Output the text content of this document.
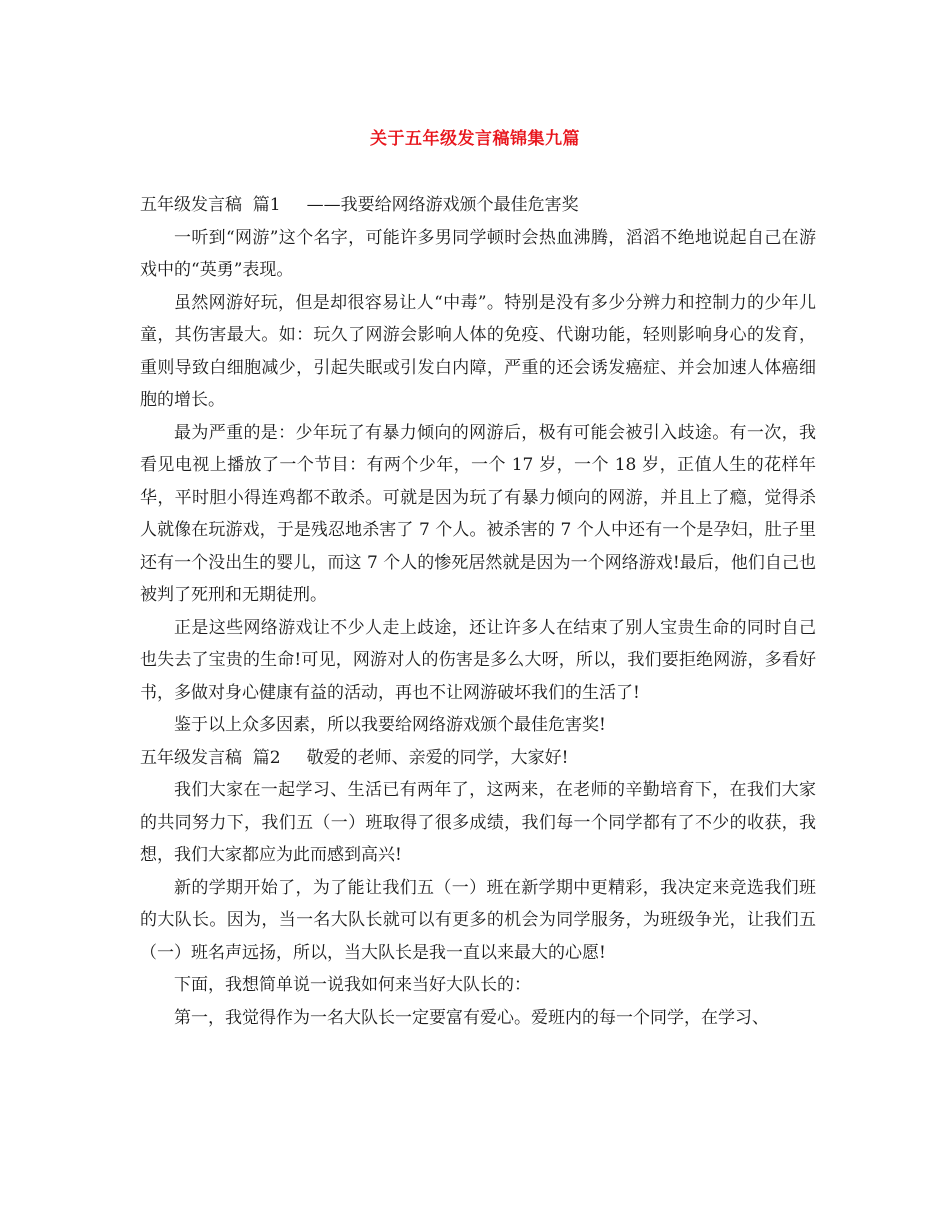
关于五年级发言稿锦集九篇

五年级发言稿  篇1 ——我要给网络游戏颁个最佳危害奖

一听到“网游”这个名字，可能许多男同学顿时会热血沸腾，滔滔不绝地说起自己在游戏中的“英勇”表现。

虽然网游好玩，但是却很容易让人“中毒”。特别是没有多少分辨力和控制力的少年儿童，其伤害最大。如：玩久了网游会影响人体的免疫、代谢功能，轻则影响身心的发育，重则导致白细胞减少，引起失眠或引发白内障，严重的还会诱发癌症、并会加速人体癌细胞的增长。

最为严重的是：少年玩了有暴力倾向的网游后，极有可能会被引入歧途。有一次，我看见电视上播放了一个节目：有两个少年，一个 17 岁，一个 18 岁，正值人生的花样年华，平时胆小得连鸡都不敢杀。可就是因为玩了有暴力倾向的网游，并且上了瘾，觉得杀人就像在玩游戏，于是残忍地杀害了 7 个人。被杀害的 7 个人中还有一个是孕妇，肚子里还有一个没出生的婴儿，而这 7 个人的惨死居然就是因为一个网络游戏!最后，他们自己也被判了死刑和无期徒刑。

正是这些网络游戏让不少人走上歧途，还让许多人在结束了别人宝贵生命的同时自己也失去了宝贵的生命!可见，网游对人的伤害是多么大呀，所以，我们要拒绝网游，多看好书，多做对身心健康有益的活动，再也不让网游破坏我们的生活了!

鉴于以上众多因素，所以我要给网络游戏颁个最佳危害奖!

五年级发言稿  篇2 敬爱的老师、亲爱的同学，大家好!

我们大家在一起学习、生活已有两年了，这两来，在老师的辛勤培育下，在我们大家的共同努力下，我们五（一）班取得了很多成绩，我们每一个同学都有了不少的收获，我想，我们大家都应为此而感到高兴!

新的学期开始了，为了能让我们五（一）班在新学期中更精彩，我决定来竞选我们班的大队长。因为，当一名大队长就可以有更多的机会为同学服务，为班级争光，让我们五（一）班名声远扬，所以，当大队长是我一直以来最大的心愿!

下面，我想简单说一说我如何来当好大队长的：

第一，我觉得作为一名大队长一定要富有爱心。爱班内的每一个同学，在学习、
